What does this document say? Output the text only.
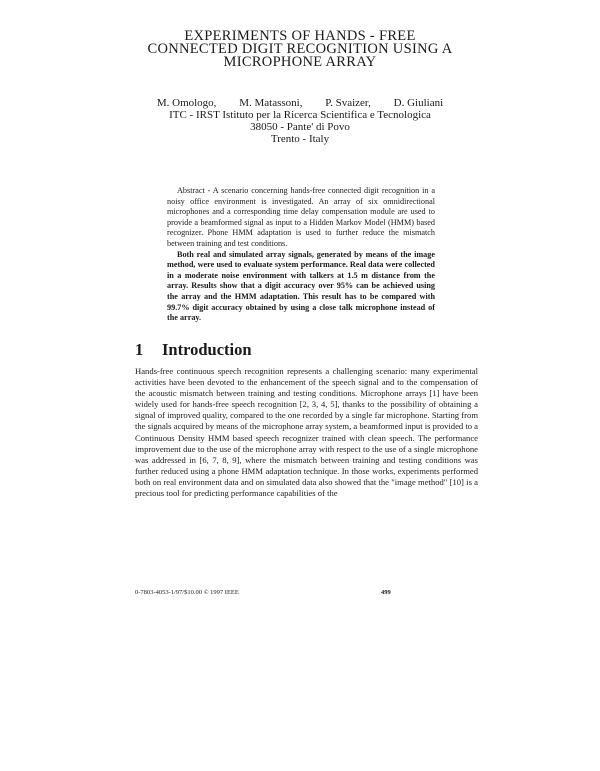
EXPERIMENTS OF HANDS - FREE
CONNECTED DIGIT RECOGNITION USING A
MICROPHONE ARRAY
M. Omologo, M. Matassoni, P. Svaizer, D. Giuliani
ITC - IRST Istituto per la Ricerca Scientifica e Tecnologica
38050 - Pante' di Povo
Trento - Italy

Abstract - A scenario concerning hands-free connected digit recognition in a noisy office environment is investigated. An array of six omnidirectional microphones and a corresponding time delay compensation module are used to provide a beamformed signal as input to a Hidden Markov Model (HMM) based recognizer. Phone HMM adaptation is used to further reduce the mismatch between training and test conditions.

Both real and simulated array signals, generated by means of the image method, were used to evaluate system performance. Real data were collected in a moderate noise environment with talkers at 1.5 m distance from the array. Results show that a digit accuracy over 95% can be achieved using the array and the HMM adaptation. This result has to be compared with 99.7% digit accuracy obtained by using a close talk microphone instead of the array.

1 Introduction

Hands-free continuous speech recognition represents a challenging scenario: many experimental activities have been devoted to the enhancement of the speech signal and to the compensation of the acoustic mismatch between training and testing conditions. Microphone arrays [1] have been widely used for hands-free speech recognition [2, 3, 4, 5], thanks to the possibility of obtaining a signal of improved quality, compared to the one recorded by a single far microphone. Starting from the signals acquired by means of the microphone array system, a beamformed input is provided to a Continuous Density HMM based speech recognizer trained with clean speech. The performance improvement due to the use of the microphone array with respect to the use of a single microphone was addressed in [6, 7, 8, 9], where the mismatch between training and testing conditions was further reduced using a phone HMM adaptation technique. In those works, experiments performed both on real environment data and on simulated data also showed that the "image method" [10] is a precious tool for predicting performance capabilities of the

0-7803-4053-1/97/$10.00 © 1997 IEEE	499
